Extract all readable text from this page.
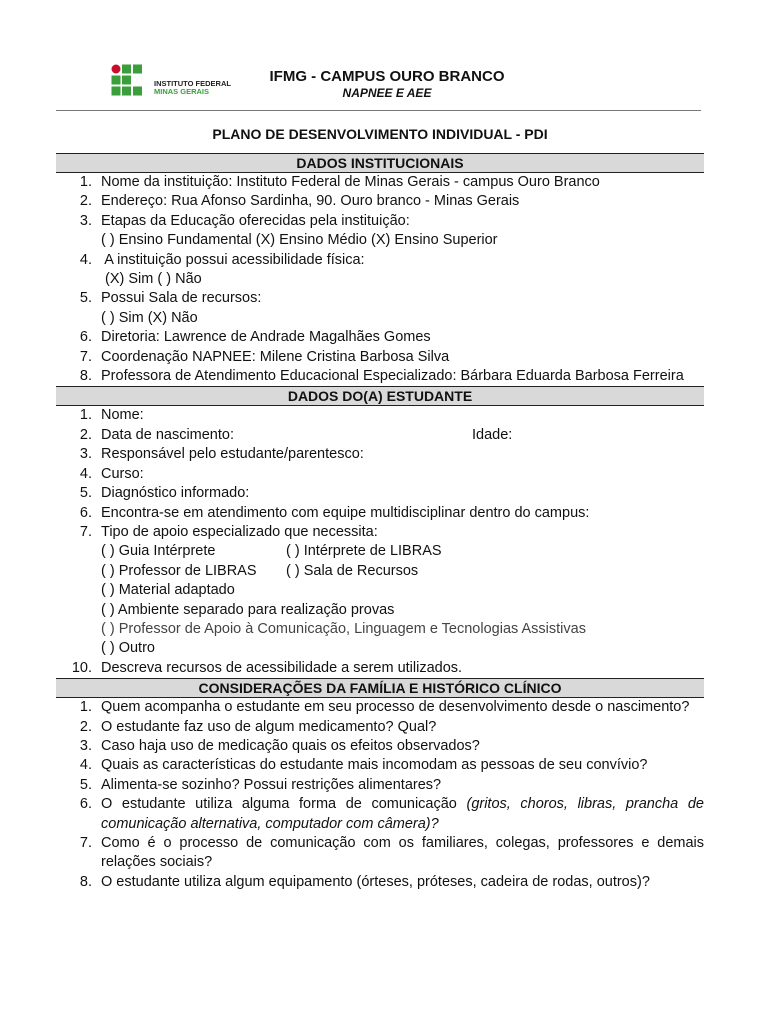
INSTITUTO FEDERAL
MINAS GERAIS
IFMG - CAMPUS OURO BRANCO
NAPNEE E AEE
PLANO DE DESENVOLVIMENTO INDIVIDUAL - PDI
DADOS INSTITUCIONAIS
1. Nome da instituição: Instituto Federal de Minas Gerais - campus Ouro Branco
2. Endereço: Rua Afonso Sardinha, 90. Ouro branco - Minas Gerais
3. Etapas da Educação oferecidas pela instituição:
( ) Ensino Fundamental (X) Ensino Médio (X) Ensino Superior
4. A instituição possui acessibilidade física:
(X) Sim ( ) Não
5. Possui Sala de recursos:
( ) Sim (X) Não
6. Diretoria: Lawrence de Andrade Magalhães Gomes
7. Coordenação NAPNEE: Milene Cristina Barbosa Silva
8. Professora de Atendimento Educacional Especializado: Bárbara Eduarda Barbosa Ferreira
DADOS DO(A) ESTUDANTE
1. Nome:
2. Data de nascimento:	Idade:
3. Responsável pelo estudante/parentesco:
4. Curso:
5. Diagnóstico informado:
6. Encontra-se em atendimento com equipe multidisciplinar dentro do campus:
7. Tipo de apoio especializado que necessita:
( ) Guia Intérprete	( ) Intérprete de LIBRAS
( ) Professor de LIBRAS ( ) Sala de Recursos
( ) Material adaptado
( ) Ambiente separado para realização provas
( ) Professor de Apoio à Comunicação, Linguagem e Tecnologias Assistivas
( ) Outro
10. Descreva recursos de acessibilidade a serem utilizados.
CONSIDERAÇÕES DA FAMÍLIA E HISTÓRICO CLÍNICO
1. Quem acompanha o estudante em seu processo de desenvolvimento desde o nascimento?
2. O estudante faz uso de algum medicamento? Qual?
3. Caso haja uso de medicação quais os efeitos observados?
4. Quais as características do estudante mais incomodam as pessoas de seu convívio?
5. Alimenta-se sozinho? Possui restrições alimentares?
6. O estudante utiliza alguma forma de comunicação (gritos, choros, libras, prancha de comunicação alternativa, computador com câmera)?
7. Como é o processo de comunicação com os familiares, colegas, professores e demais relações sociais?
8. O estudante utiliza algum equipamento (órteses, próteses, cadeira de rodas, outros)?
